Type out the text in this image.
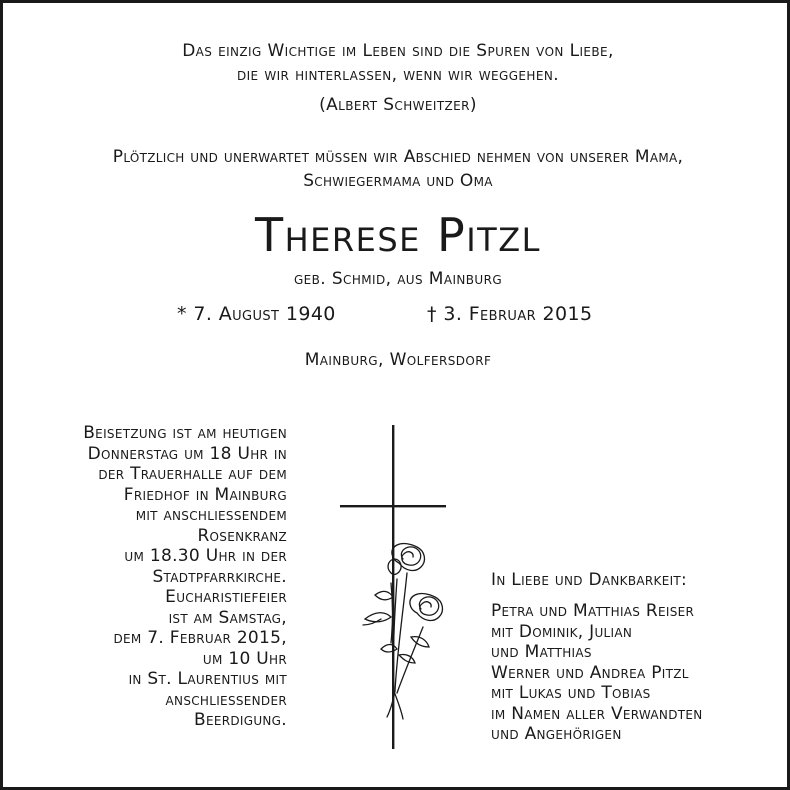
Das einzig Wichtige im Leben sind die Spuren von Liebe,
die wir hinterlassen, wenn wir weggehen.
(Albert Schweitzer)
Plötzlich und unerwartet müssen wir Abschied nehmen von unserer Mama,
Schwiegermama und Oma
Therese Pitzl
geb. Schmid, aus Mainburg
* 7. August 1940	† 3. Februar 2015
Mainburg, Wolfersdorf
Beisetzung ist am heutigen
Donnerstag um 18 Uhr in
der Trauerhalle auf dem
Friedhof in Mainburg
mit anschliessendem
Rosenkranz
um 18.30 Uhr in der
Stadtpfarrkirche.
Eucharistiefeier
ist am Samstag,
dem 7. Februar 2015,
um 10 Uhr
in St. Laurentius mit
anschliessender
Beerdigung.
In Liebe und Dankbarkeit:
Petra und Matthias Reiser
mit Dominik, Julian
und Matthias
Werner und Andrea Pitzl
mit Lukas und Tobias
im Namen aller Verwandten
und Angehörigen
